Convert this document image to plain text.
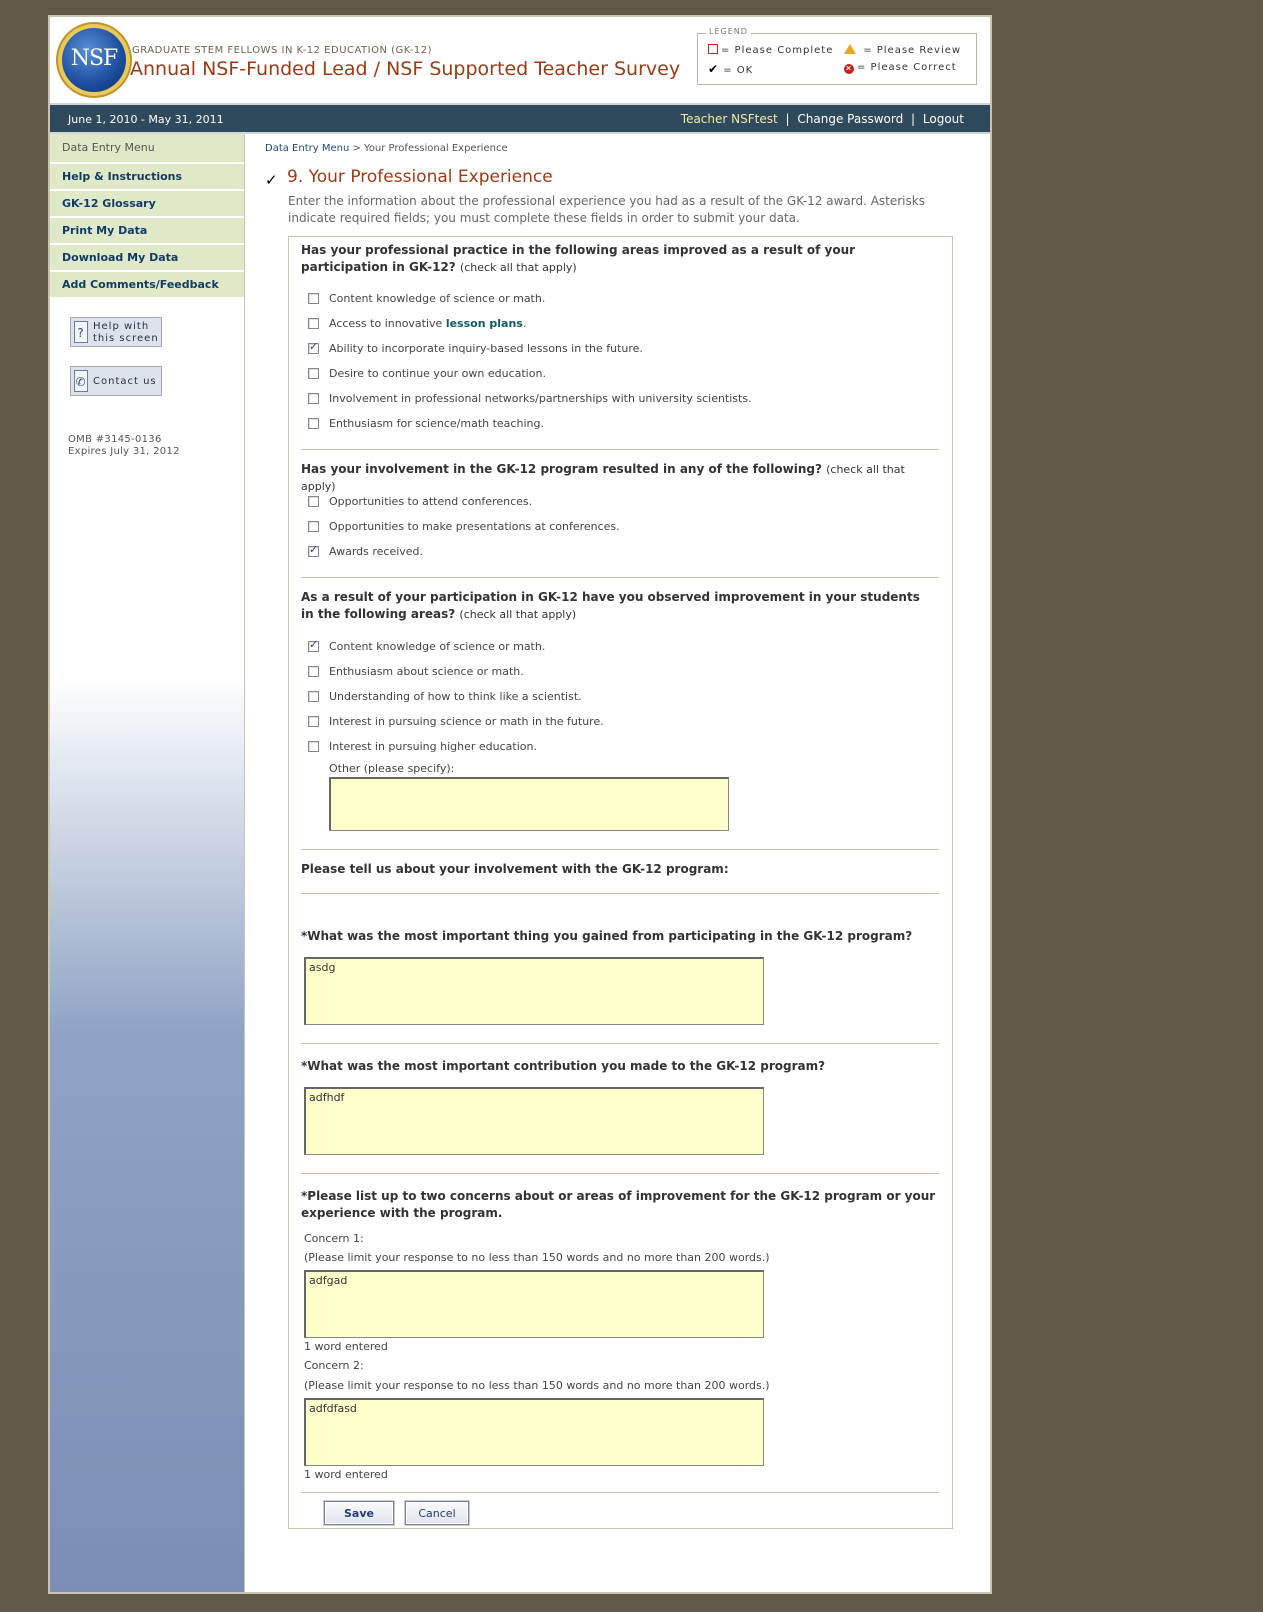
NSF	GRADUATE STEM FELLOWS IN K-12 EDUCATION (GK-12)
Annual NSF-Funded Lead / NSF Supported Teacher Survey
LEGEND
= Please Complete	= Please Review
✔ = OK	✕ = Please Correct
June 1, 2010 - May 31, 2011	Teacher NSFtest | Change Password | Logout
Data Entry Menu
Help & Instructions
GK-12 Glossary
Print My Data
Download My Data
Add Comments/Feedback
? Help with
this screen
✆ Contact us
OMB #3145-0136
Expires July 31, 2012
Data Entry Menu > Your Professional Experience
✓ 9. Your Professional Experience
Enter the information about the professional experience you had as a result of the GK-12 award. Asterisks indicate required fields; you must complete these fields in order to submit your data.
Has your professional practice in the following areas improved as a result of your participation in GK-12? (check all that apply)
Content knowledge of science or math.
Access to innovative lesson plans.
✓
Ability to incorporate inquiry-based lessons in the future.
Desire to continue your own education.
Involvement in professional networks/partnerships with university scientists.
Enthusiasm for science/math teaching.
Has your involvement in the GK-12 program resulted in any of the following? (check all that apply)
Opportunities to attend conferences.
Opportunities to make presentations at conferences.
✓
Awards received.
As a result of your participation in GK-12 have you observed improvement in your students in the following areas? (check all that apply)
✓
Content knowledge of science or math.
Enthusiasm about science or math.
Understanding of how to think like a scientist.
Interest in pursuing science or math in the future.
Interest in pursuing higher education.
Other (please specify):
Please tell us about your involvement with the GK-12 program:
*What was the most important thing you gained from participating in the GK-12 program?
asdg
*What was the most important contribution you made to the GK-12 program?
adfhdf
*Please list up to two concerns about or areas of improvement for the GK-12 program or your experience with the program.
Concern 1:
(Please limit your response to no less than 150 words and no more than 200 words.)
adfgad
1 word entered
Concern 2:
(Please limit your response to no less than 150 words and no more than 200 words.)
adfdfasd
1 word entered
Save	Cancel
